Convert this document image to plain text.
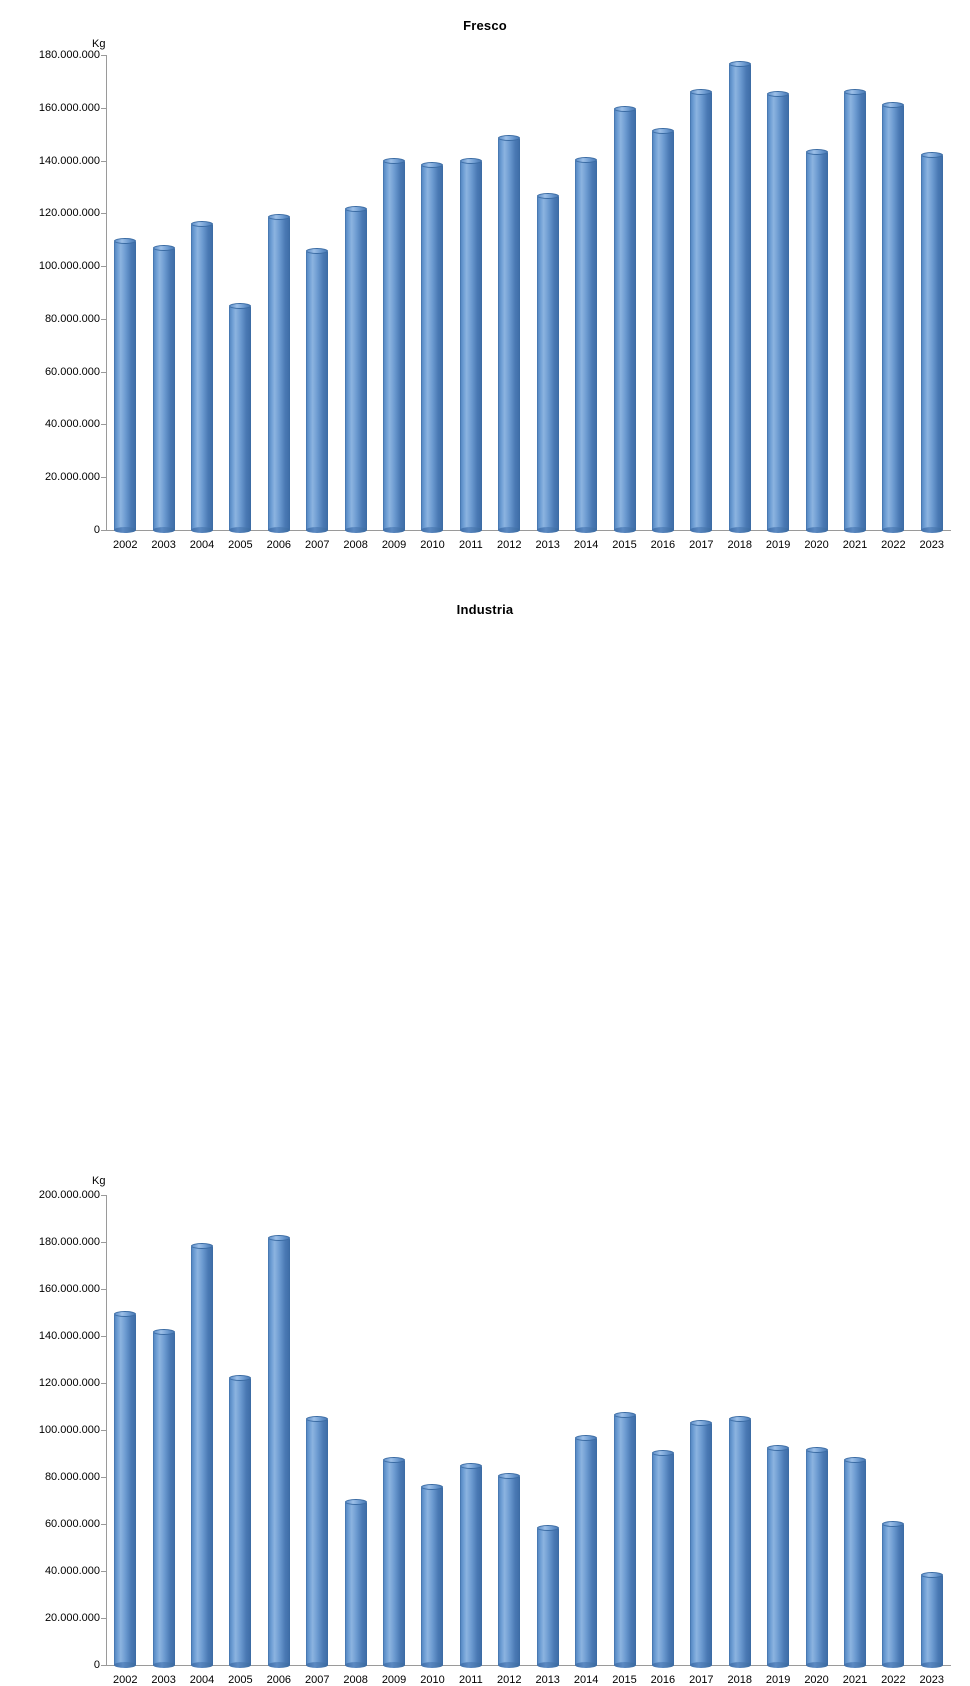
Fresco
Kg
0
20.000.000
40.000.000
60.000.000
80.000.000
100.000.000
120.000.000
140.000.000
160.000.000
180.000.000
2002	2003	2004	2005	2006	2007	2008	2009	2010	2011	2012	2013	2014	2015	2016	2017	2018	2019	2020	2021	2022	2023
Industria
Kg
0
20.000.000
40.000.000
60.000.000
80.000.000
100.000.000
120.000.000
140.000.000
160.000.000
180.000.000
200.000.000
2002	2003	2004	2005	2006	2007	2008	2009	2010	2011	2012	2013	2014	2015	2016	2017	2018	2019	2020	2021	2022	2023
